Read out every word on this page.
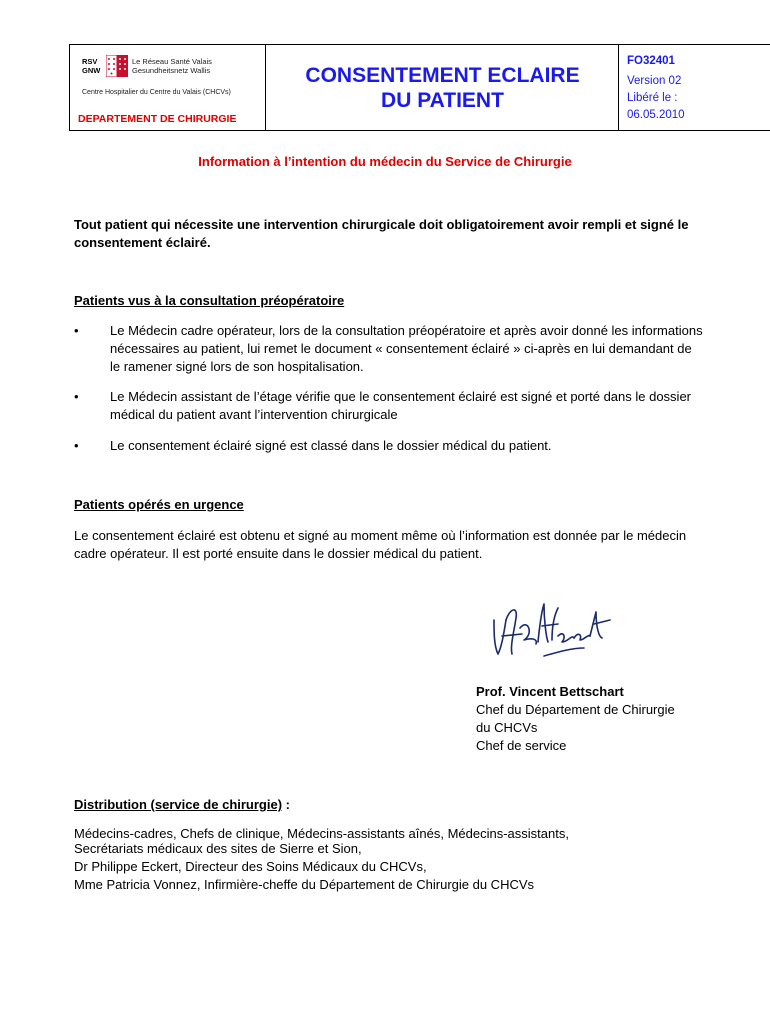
RSV
GNW
Le Réseau Santé Valais
Gesundheitsnetz Wallis
Centre Hospitalier du Centre du Valais (CHCVs)
DEPARTEMENT DE CHIRURGIE
CONSENTEMENT ECLAIRE
DU PATIENT
FO32401
Version 02
Libéré le :
06.05.2010
Information à l’intention du médecin du Service de Chirurgie
Tout patient qui nécessite une intervention chirurgicale doit obligatoirement avoir rempli et signé le consentement éclairé.
Patients vus à la consultation préopératoire
• Le Médecin cadre opérateur, lors de la consultation préopératoire et après avoir donné les informations nécessaires au patient, lui remet le document « consentement éclairé » ci-après en lui demandant de le ramener signé lors de son hospitalisation.
• Le Médecin assistant de l’étage vérifie que le consentement éclairé est signé et porté dans le dossier médical du patient avant l’intervention chirurgicale
• Le consentement éclairé signé est classé dans le dossier médical du patient.
Patients opérés en urgence
Le consentement éclairé est obtenu et signé au moment même où l’information est donnée par le médecin cadre opérateur. Il est porté ensuite dans le dossier médical du patient.
Prof. Vincent Bettschart
Chef du Département de Chirurgie
du CHCVs
Chef de service
Distribution (service de chirurgie) :
Médecins-cadres, Chefs de clinique, Médecins-assistants aînés, Médecins-assistants,
Secrétariats médicaux des sites de Sierre et Sion,
Dr Philippe Eckert, Directeur des Soins Médicaux du CHCVs,
Mme Patricia Vonnez, Infirmière-cheffe du Département de Chirurgie du CHCVs
